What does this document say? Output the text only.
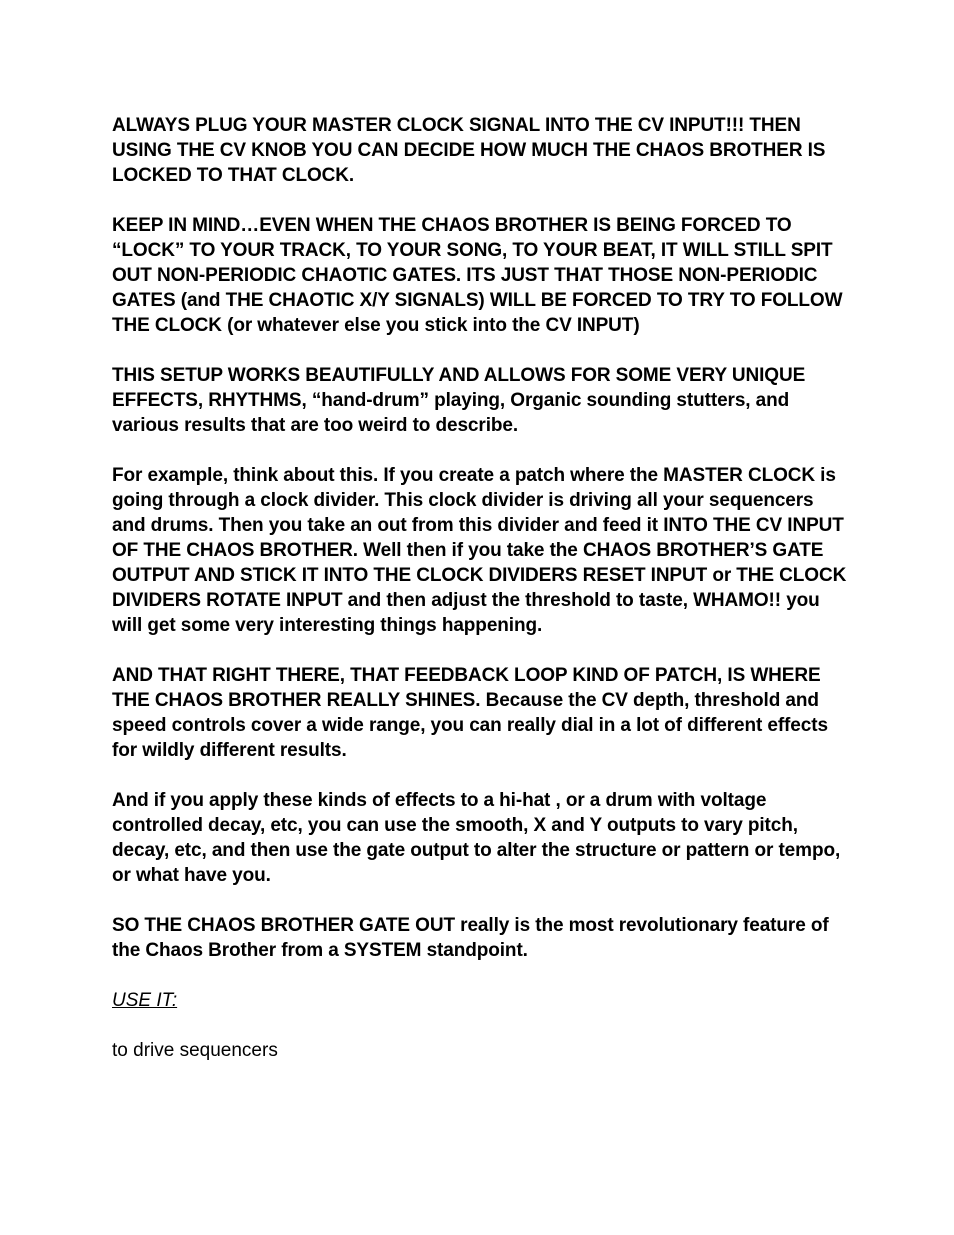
ALWAYS PLUG YOUR MASTER CLOCK SIGNAL INTO THE CV INPUT!!! THEN USING THE CV KNOB YOU CAN DECIDE HOW MUCH THE CHAOS BROTHER IS LOCKED TO THAT CLOCK.

KEEP IN MIND…EVEN WHEN THE CHAOS BROTHER IS BEING FORCED TO “LOCK” TO YOUR TRACK, TO YOUR SONG, TO YOUR BEAT, IT WILL STILL SPIT OUT NON-PERIODIC CHAOTIC GATES. ITS JUST THAT THOSE NON-PERIODIC GATES (and THE CHAOTIC X/Y SIGNALS) WILL BE FORCED TO TRY TO FOLLOW THE CLOCK (or whatever else you stick into the CV INPUT)

THIS SETUP WORKS BEAUTIFULLY AND ALLOWS FOR SOME VERY UNIQUE EFFECTS, RHYTHMS, “hand-drum” playing, Organic sounding stutters, and various results that are too weird to describe.

For example, think about this. If you create a patch where the MASTER CLOCK is going through a clock divider. This clock divider is driving all your sequencers and drums. Then you take an out from this divider and feed it INTO THE CV INPUT OF THE CHAOS BROTHER. Well then if you take the CHAOS BROTHER’S GATE OUTPUT AND STICK IT INTO THE CLOCK DIVIDERS RESET INPUT or THE CLOCK DIVIDERS ROTATE INPUT and then adjust the threshold to taste, WHAMO!! you will get some very interesting things happening.

AND THAT RIGHT THERE, THAT FEEDBACK LOOP KIND OF PATCH, IS WHERE THE CHAOS BROTHER REALLY SHINES. Because the CV depth, threshold and speed controls cover a wide range, you can really dial in a lot of different effects for wildly different results.

And if you apply these kinds of effects to a hi-hat , or a drum with voltage controlled decay, etc, you can use the smooth, X and Y outputs to vary pitch, decay, etc, and then use the gate output to alter the structure or pattern or tempo, or what have you.

SO THE CHAOS BROTHER GATE OUT really is the most revolutionary feature of the Chaos Brother from a SYSTEM standpoint.

USE IT:

to drive sequencers
